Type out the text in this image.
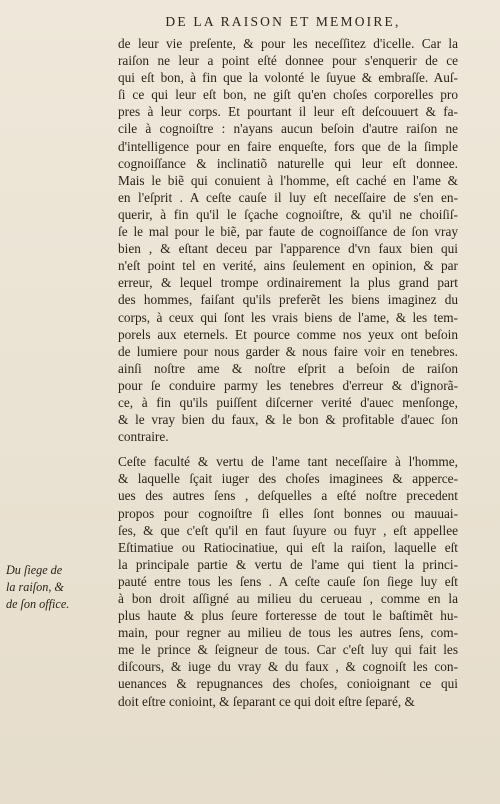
DE LA RAISON ET MEMOIRE,
de leur vie preſente, & pour les neceſſitez d'icelle. Car la
raiſon ne leur a point eſté donnee pour s'enquerir de ce
qui eſt bon, à fin que la volonté le ſuyue & embraſſe. Auſ-
ſi ce qui leur eſt bon, ne giſt qu'en choſes corporelles pro
pres à leur corps. Et pourtant il leur eſt deſcouuert & fa-
cile à cognoiſtre : n'ayans aucun beſoin d'autre raiſon ne
d'intelligence pour en faire enqueſte, fors que de la ſimple
cognoiſſance & inclinatiõ naturelle qui leur eſt donnee.
Mais le biẽ qui conuient à l'homme, eſt caché en l'ame &
en l'eſprit . A ceſte cauſe il luy eſt neceſſaire de s'en en-
querir, à fin qu'il le ſçache cognoiſtre, & qu'il ne choiſiſ-
ſe le mal pour le biẽ, par faute de cognoiſſance de ſon vray
bien , & eſtant deceu par l'apparence d'vn faux bien qui
n'eſt point tel en verité, ains ſeulement en opinion, & par
erreur, & lequel trompe ordinairement la plus grand part
des hommes, faiſant qu'ils preferẽt les biens imaginez du
corps, à ceux qui ſont les vrais biens de l'ame, & les tem-
porels aux eternels. Et pource comme nos yeux ont beſoin
de lumiere pour nous garder & nous faire voir en tenebres.
ainſi noſtre ame & noſtre eſprit a beſoin de raiſon
pour ſe conduire parmy les tenebres d'erreur & d'ignorã-
ce, à fin qu'ils puiſſent diſcerner verité d'auec menſonge,
& le vray bien du faux, & le bon & profitable d'auec ſon
contraire.
Ceſte faculté & vertu de l'ame tant neceſſaire à l'homme,
& laquelle ſçait iuger des choſes imaginees & apperce-
ues des autres ſens , deſquelles a eſté noſtre precedent
propos pour cognoiſtre ſi elles ſont bonnes ou mauuai-
ſes, & que c'eſt qu'il en faut ſuyure ou fuyr , eſt appellee
Eſtimatiue ou Ratiocinatiue, qui eſt la raiſon, laquelle eſt
la principale partie & vertu de l'ame qui tient la princi-
pauté entre tous les ſens . A ceſte cauſe ſon ſiege luy eſt
à bon droit aſſigné au milieu du cerueau , comme en la
plus haute & plus ſeure forteresse de tout le baſtimẽt hu-
main, pour regner au milieu de tous les autres ſens, com-
me le prince & ſeigneur de tous. Car c'eſt luy qui fait les
diſcours, & iuge du vray & du faux , & cognoiſt les con-
uenances & repugnances des choſes, conioignant ce qui
doit eſtre conioint, & ſeparant ce qui doit eſtre ſeparé, &
Du ſiege de
la raiſon, &
de ſon office.
